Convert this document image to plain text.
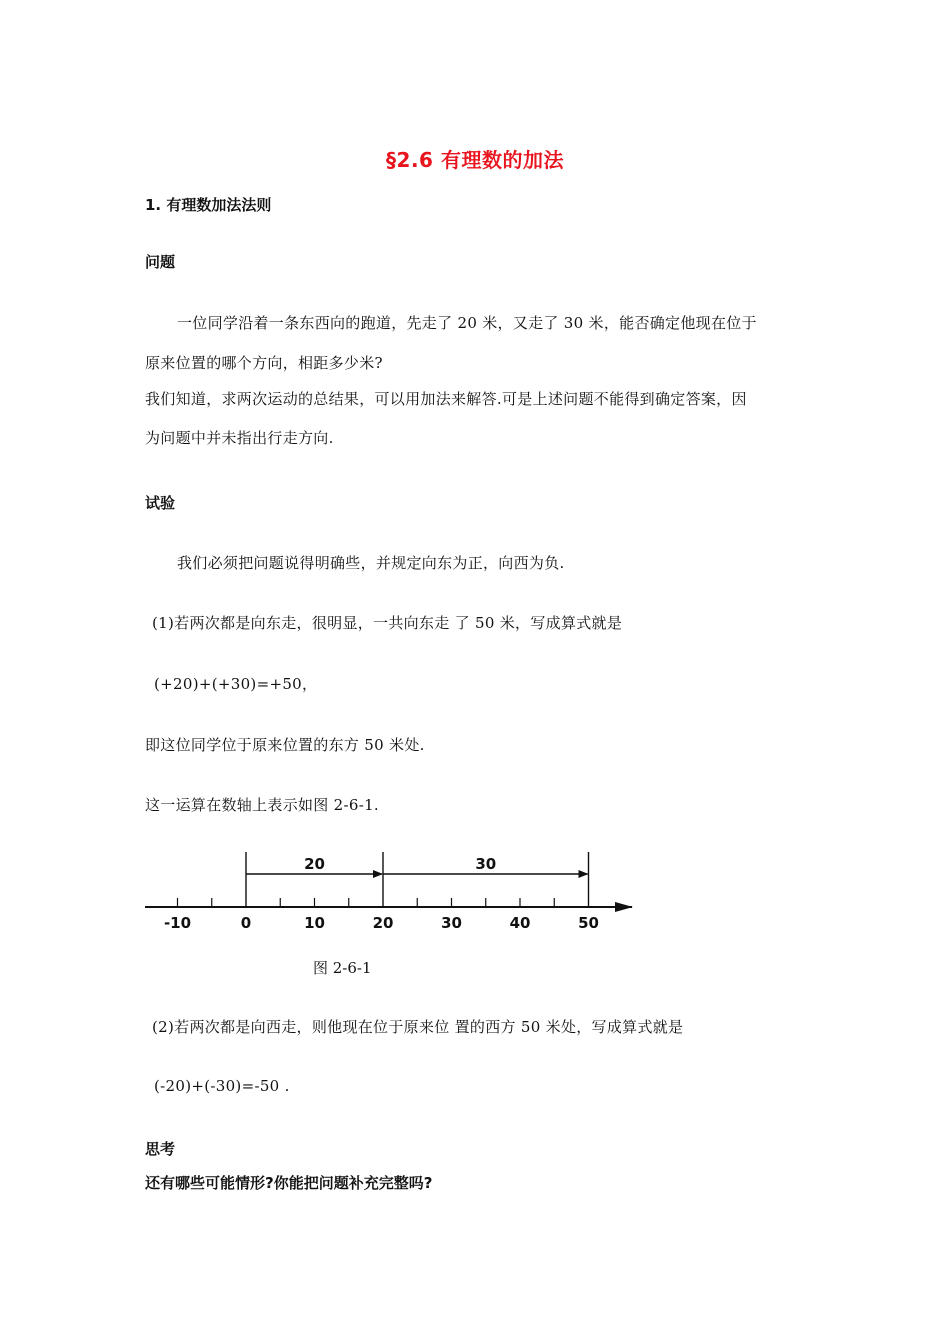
§2.6 有理数的加法
1. 有理数加法法则
问题
一位同学沿着一条东西向的跑道，先走了 20 米，又走了 30 米，能否确定他现在位于
原来位置的哪个方向，相距多少米?
我们知道，求两次运动的总结果，可以用加法来解答.可是上述问题不能得到确定答案，因
为问题中并未指出行走方向.
试验
我们必须把问题说得明确些，并规定向东为正，向西为负.
(1)若两次都是向东走，很明显，一共向东走 了 50 米，写成算式就是
(+20)+(+30)=+50，
即这位同学位于原来位置的东方 50 米处.
这一运算在数轴上表示如图 2-6-1.
-10	0	10	20	30	40	50
20	30
图 2-6-1
(2)若两次都是向西走，则他现在位于原来位 置的西方 50 米处，写成算式就是
(-20)+(-30)=-50 .
思考
还有哪些可能情形?你能把问题补充完整吗?
